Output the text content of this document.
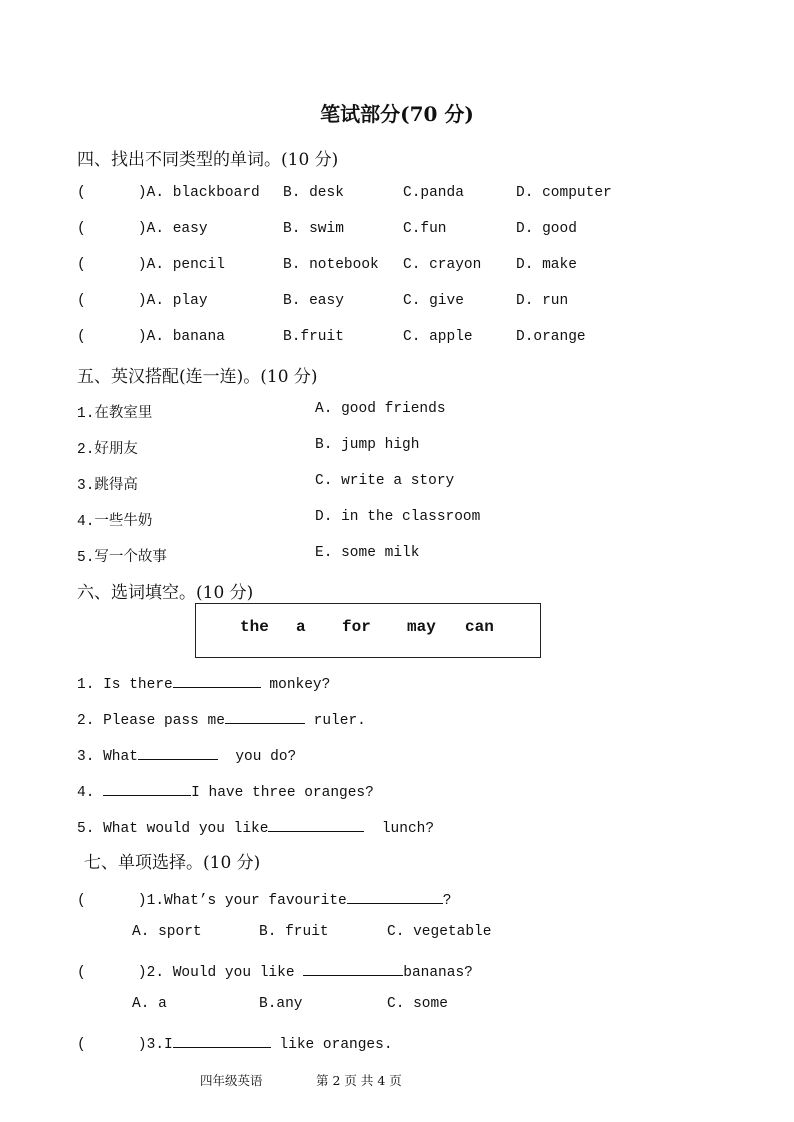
笔试部分(70 分)
四、找出不同类型的单词。(10 分)
(      )A. blackboard B. desk	C.panda	D. computer
(      )A. easy	B. swim	C.fun	D. good
(      )A. pencil	B. notebook C. crayon D. make
(      )A. play	B. easy	C. give	D. run
(      )A. banana	B.fruit	C. apple	D.orange
五、英汉搭配(连一连)。(10 分)
1.在教室里	A. good friends
2.好朋友	B. jump high
3.跳得高	C. write a story
4.一些牛奶	D. in the classroom
5.写一个故事	E. some milk
六、选词填空。(10 分)
the a for may can
1. Is there	monkey?
2. Please pass me	ruler.
3. What	you do?
4.	I have three oranges?
5. What would you like	lunch?
七、单项选择。(10 分)
(      )1.What’s your favourite	?
A. sport	B. fruit	C. vegetable
(      )2. Would you like	bananas?
A. a	B.any	C. some
(      )3.I	like oranges.
四年级英语	第 2 页 共 4 页
